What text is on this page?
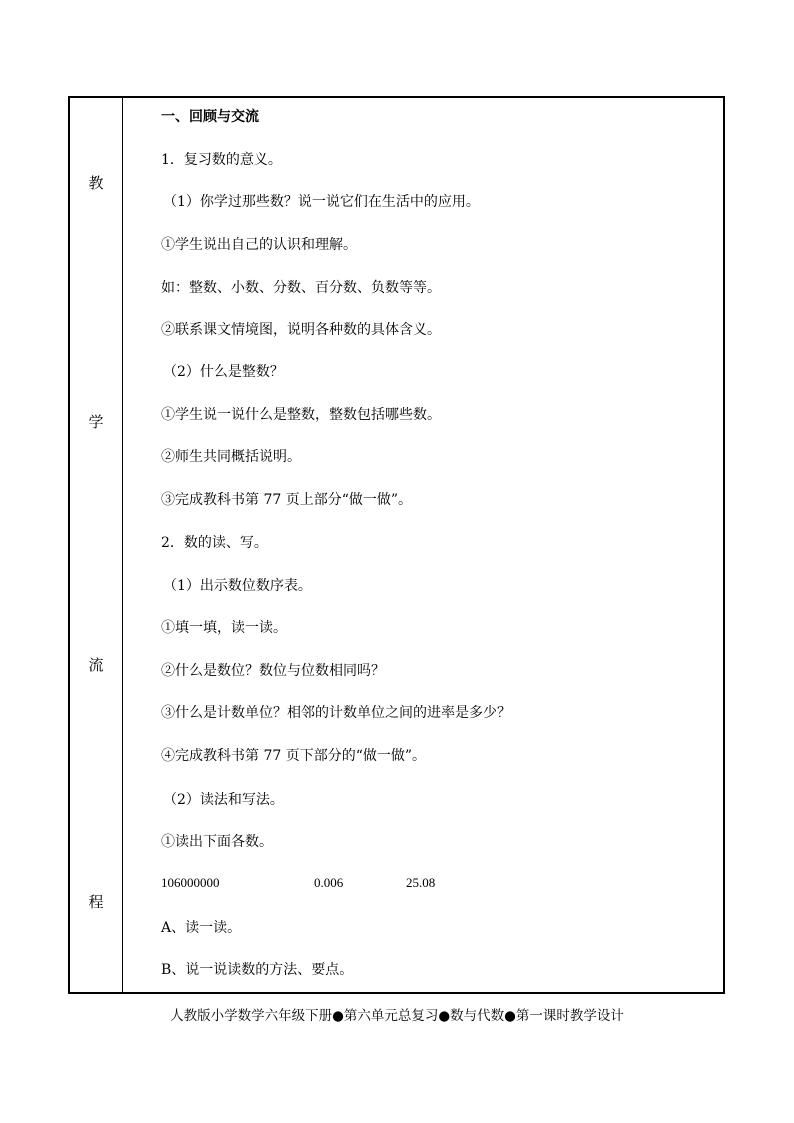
教
学
流
程
一、回顾与交流
1．复习数的意义。
（1）你学过那些数？说一说它们在生活中的应用。
①学生说出自己的认识和理解。
如：整数、小数、分数、百分数、负数等等。
②联系课文情境图，说明各种数的具体含义。
（2）什么是整数？
①学生说一说什么是整数，整数包括哪些数。
②师生共同概括说明。
③完成教科书第 77 页上部分“做一做”。
2．数的读、写。
（1）出示数位数序表。
①填一填，读一读。
②什么是数位？数位与位数相同吗？
③什么是计数单位？相邻的计数单位之间的进率是多少？
④完成教科书第 77 页下部分的“做一做”。
（2）读法和写法。
①读出下面各数。
106000000	0.006	25.08
A、读一读。
B、说一说读数的方法、要点。
人教版小学数学六年级下册●第六单元总复习●数与代数●第一课时教学设计
